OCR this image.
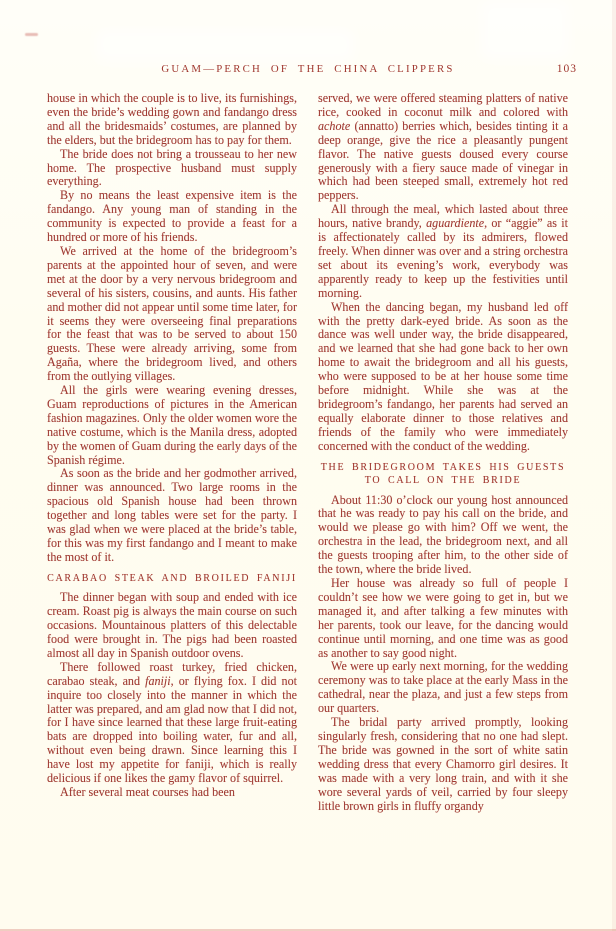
GUAM—PERCH OF THE CHINA CLIPPERS	103

house in which the couple is to live, its furnishings, even the bride’s wedding gown and fandango dress and all the bridesmaids’ costumes, are planned by the elders, but the bridegroom has to pay for them.

The bride does not bring a trousseau to her new home. The prospective husband must supply everything.

By no means the least expensive item is the fandango. Any young man of standing in the community is expected to provide a feast for a hundred or more of his friends.

We arrived at the home of the bridegroom’s parents at the appointed hour of seven, and were met at the door by a very nervous bridegroom and several of his sisters, cousins, and aunts. His father and mother did not appear until some time later, for it seems they were overseeing final preparations for the feast that was to be served to about 150 guests. These were already arriving, some from Agaña, where the bridegroom lived, and others from the outlying villages.

All the girls were wearing evening dresses, Guam reproductions of pictures in the American fashion magazines. Only the older women wore the native costume, which is the Manila dress, adopted by the women of Guam during the early days of the Spanish régime.

As soon as the bride and her godmother arrived, dinner was announced. Two large rooms in the spacious old Spanish house had been thrown together and long tables were set for the party. I was glad when we were placed at the bride’s table, for this was my first fandango and I meant to make the most of it.

CARABAO STEAK AND BROILED FANIJI

The dinner began with soup and ended with ice cream. Roast pig is always the main course on such occasions. Mountainous platters of this delectable food were brought in. The pigs had been roasted almost all day in Spanish outdoor ovens.

There followed roast turkey, fried chicken, carabao steak, and faniji, or flying fox. I did not inquire too closely into the manner in which the latter was prepared, and am glad now that I did not, for I have since learned that these large fruit-eating bats are dropped into boiling water, fur and all, without even being drawn. Since learning this I have lost my appetite for faniji, which is really delicious if one likes the gamy flavor of squirrel.

After several meat courses had been

served, we were offered steaming platters of native rice, cooked in coconut milk and colored with achote (annatto) berries which, besides tinting it a deep orange, give the rice a pleasantly pungent flavor. The native guests doused every course generously with a fiery sauce made of vinegar in which had been steeped small, extremely hot red peppers.

All through the meal, which lasted about three hours, native brandy, aguardiente, or “aggie” as it is affectionately called by its admirers, flowed freely. When dinner was over and a string orchestra set about its evening’s work, everybody was apparently ready to keep up the festivities until morning.

When the dancing began, my husband led off with the pretty dark-eyed bride. As soon as the dance was well under way, the bride disappeared, and we learned that she had gone back to her own home to await the bridegroom and all his guests, who were supposed to be at her house some time before midnight. While she was at the bridegroom’s fandango, her parents had served an equally elaborate dinner to those relatives and friends of the family who were immediately concerned with the conduct of the wedding.

THE BRIDEGROOM TAKES HIS GUESTS
TO CALL ON THE BRIDE

About 11:30 o’clock our young host announced that he was ready to pay his call on the bride, and would we please go with him? Off we went, the orchestra in the lead, the bridegroom next, and all the guests trooping after him, to the other side of the town, where the bride lived.

Her house was already so full of people I couldn’t see how we were going to get in, but we managed it, and after talking a few minutes with her parents, took our leave, for the dancing would continue until morning, and one time was as good as another to say good night.

We were up early next morning, for the wedding ceremony was to take place at the early Mass in the cathedral, near the plaza, and just a few steps from our quarters.

The bridal party arrived promptly, looking singularly fresh, considering that no one had slept. The bride was gowned in the sort of white satin wedding dress that every Chamorro girl desires. It was made with a very long train, and with it she wore several yards of veil, carried by four sleepy little brown girls in fluffy organdy
